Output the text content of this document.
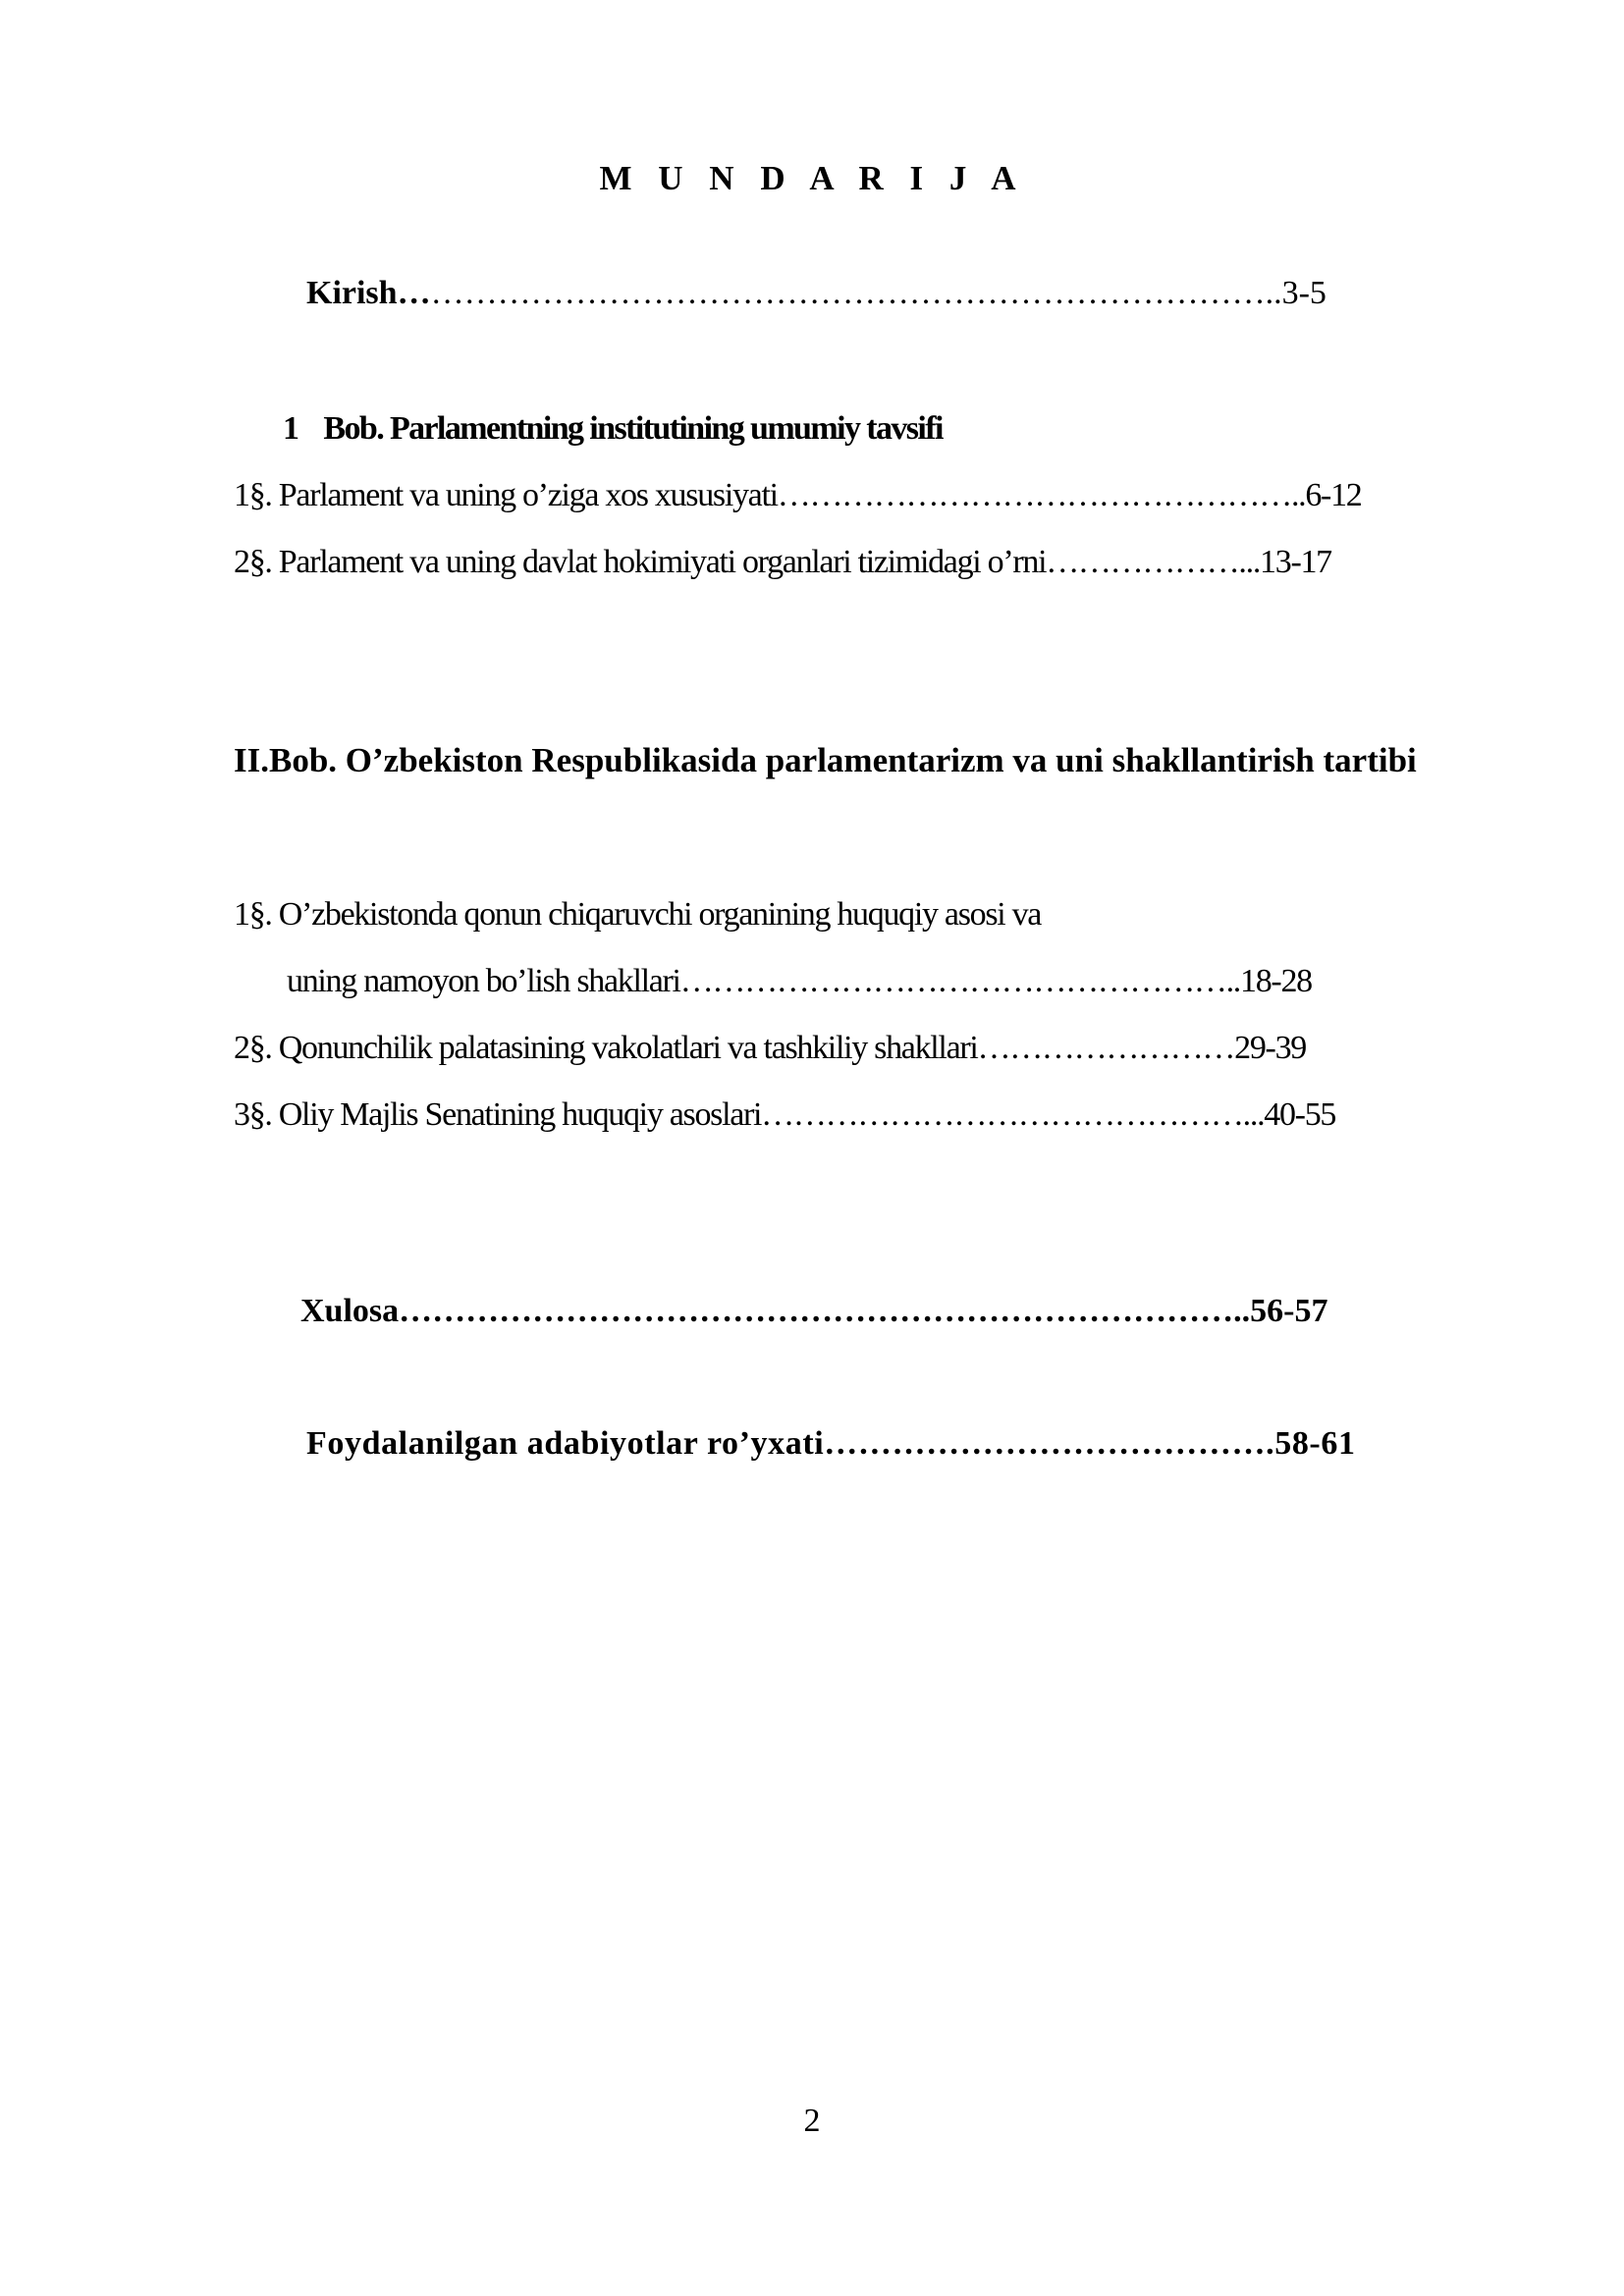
M U N D A R I J A
Kirish……………………………………………………………………..3-5
1 Bob. Parlamentning institutining umumiy tavsifi
1§. Parlament va uning o’ziga xos xususiyati…………………………………………..6-12
2§. Parlament va uning davlat hokimiyati organlari tizimidagi o’rni………………...13-17
II.Bob. O’zbekiston Respublikasida parlamentarizm va uni shakllantirish tartibi
1§. O’zbekistonda qonun chiqaruvchi organining huquqiy asosi va
uning namoyon bo’lish shakllari……………………………………………..18-28
2§. Qonunchilik palatasining vakolatlari va tashkiliy shakllari……………………29-39
3§. Oliy Majlis Senatining huquqiy asoslari………………………………………...40-55
Xulosa…………………………………………………………………..56-57
Foydalanilgan adabiyotlar ro’yxati………………………………….58-61
2
